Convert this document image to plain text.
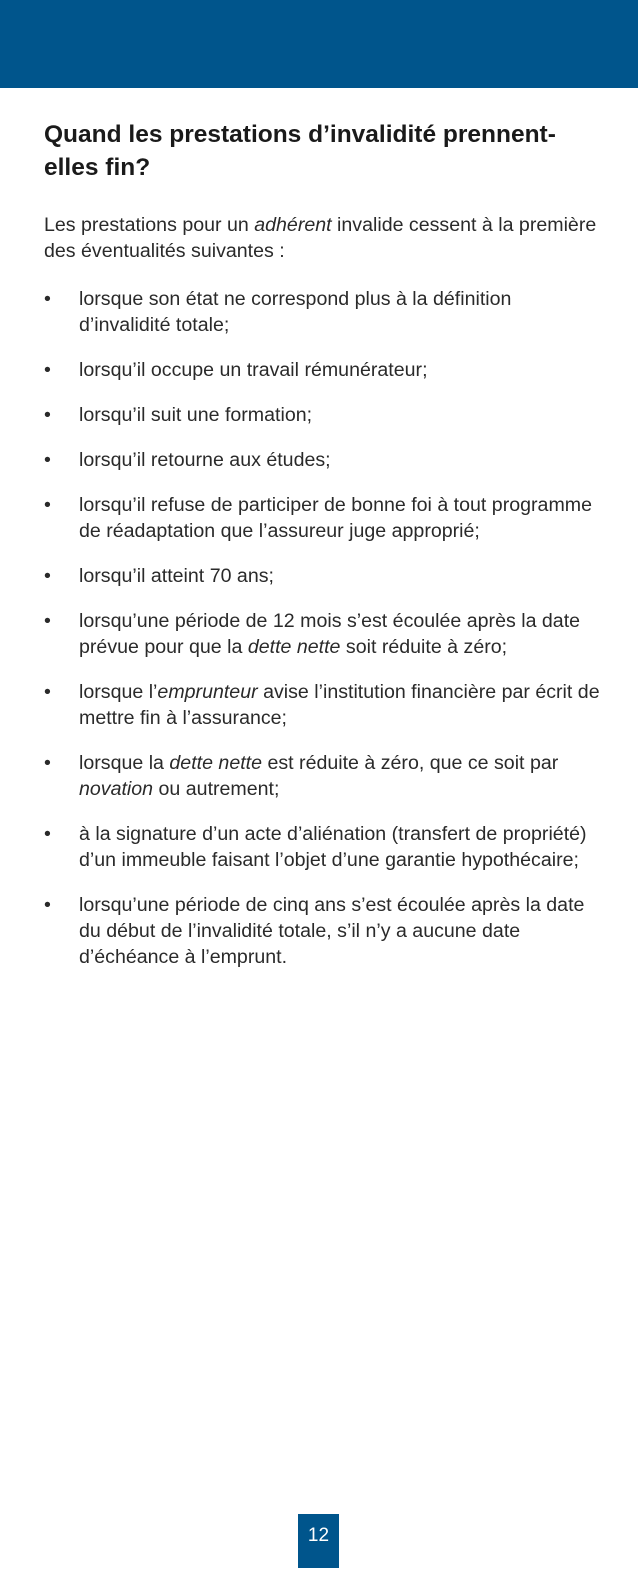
Quand les prestations d’invalidité prennent-elles fin?

Les prestations pour un adhérent invalide cessent à la première des éventualités suivantes :

•	lorsque son état ne correspond plus à la définition d’invalidité totale;
•	lorsqu’il occupe un travail rémunérateur;
•	lorsqu’il suit une formation;
•	lorsqu’il retourne aux études;
•	lorsqu’il refuse de participer de bonne foi à tout programme de réadaptation que l’assureur juge approprié;
•	lorsqu’il atteint 70 ans;
•	lorsqu’une période de 12 mois s’est écoulée après la date prévue pour que la dette nette soit réduite à zéro;
•	lorsque l’emprunteur avise l’institution financière par écrit de mettre fin à l’assurance;
•	lorsque la dette nette est réduite à zéro, que ce soit par novation ou autrement;
•	à la signature d’un acte d’aliénation (transfert de propriété) d’un immeuble faisant l’objet d’une garantie hypothécaire;
•	lorsqu’une période de cinq ans s’est écoulée après la date du début de l’invalidité totale, s’il n’y a aucune date d’échéance à l’emprunt.
12
